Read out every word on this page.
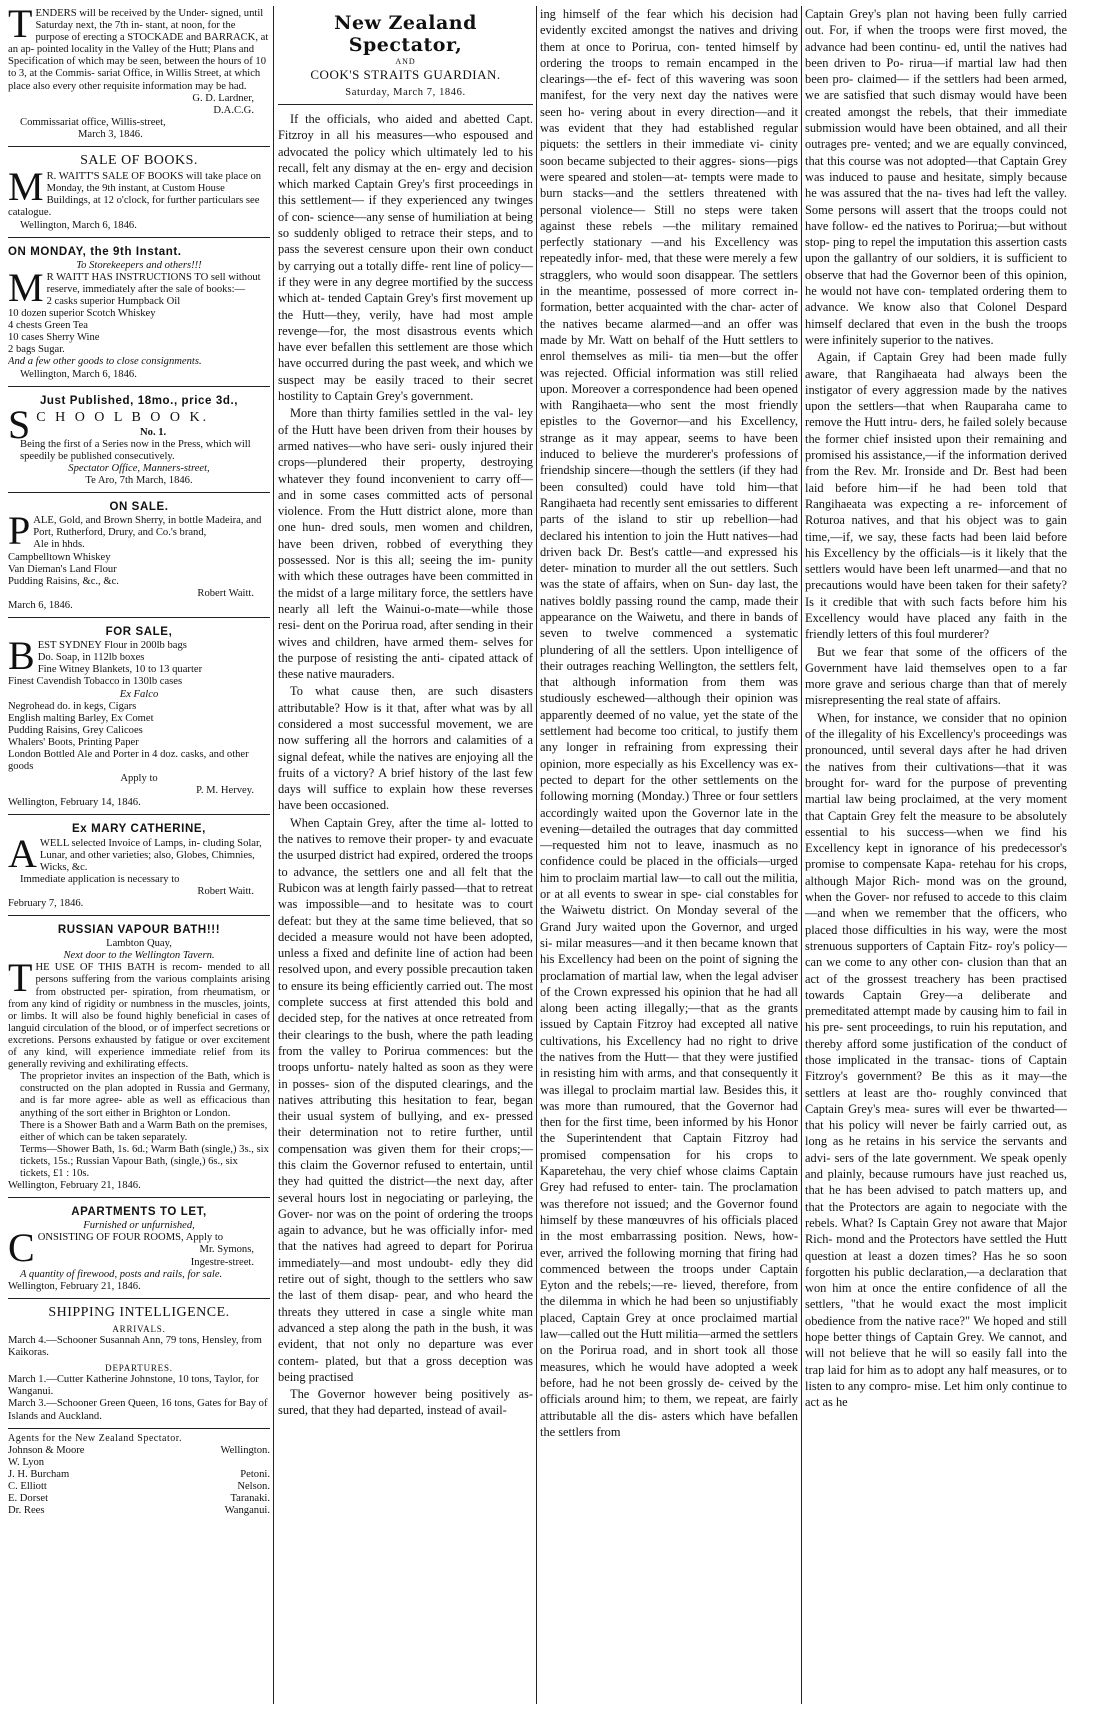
TENDERS will be received by the Under- signed, until Saturday next, the 7th in- stant, at noon, for the purpose of erecting a STOCKADE and BARRACK, at an ap- pointed locality in the Valley of the Hutt; Plans and Specification of which may be seen, between the hours of 10 to 3, at the Commis- sariat Office, in Willis Street, at which place also every other requisite information may be had.

G. D. Lardner,

D.A.C.G.

Commissariat office, Willis-street,

March 3, 1846.

SALE OF BOOKS.

M R. WAITT'S SALE OF BOOKS will take place on Monday, the 9th instant, at Custom House Buildings, at 12 o'clock, for further particulars see catalogue.

Wellington, March 6, 1846.

ON MONDAY, the 9th Instant.

To Storekeepers and others!!!

M R WAITT HAS INSTRUCTIONS TO sell without reserve, immediately after the sale of books:—

2 casks superior Humpback Oil

10 dozen superior Scotch Whiskey

4 chests Green Tea

10 cases Sherry Wine

2 bags Sugar.

And a few other goods to close consignments.

Wellington, March 6, 1846.

Just Published, 18mo., price 3d.,

S C H O O L B O O K.

No. 1.

Being the first of a Series now in the Press, which will speedily be published consecutively.

Spectator Office, Manners-street,

Te Aro, 7th March, 1846.

ON SALE.

PALE, Gold, and Brown Sherry, in bottle Madeira, and Port, Rutherford, Drury, and Co.'s brand,

Ale in hhds.

Campbelltown Whiskey

Van Dieman's Land Flour

Pudding Raisins, &c., &c.

Robert Waitt.

March 6, 1846.

FOR SALE,

BEST SYDNEY Flour in 200lb bags

Do. Soap, in 112lb boxes

Fine Witney Blankets, 10 to 13 quarter

Finest Cavendish Tobacco in 130lb cases

Ex Falco

Negrohead do. in kegs, Cigars

English malting Barley, Ex Comet

Pudding Raisins, Grey Calicoes

Whalers' Boots, Printing Paper

London Bottled Ale and Porter in 4 doz. casks, and other goods

Apply to

P. M. Hervey.

Wellington, February 14, 1846.

Ex MARY CATHERINE,

AWELL selected Invoice of Lamps, in- cluding Solar, Lunar, and other varieties; also, Globes, Chimnies, Wicks, &c.

Immediate application is necessary to

Robert Waitt.

February 7, 1846.

RUSSIAN VAPOUR BATH!!!

Lambton Quay,

Next door to the Wellington Tavern.

THE USE OF THIS BATH is recom- mended to all persons suffering from the various complaints arising from obstructed per- spiration, from rheumatism, or from any kind of rigidity or numbness in the muscles, joints, or limbs. It will also be found highly beneficial in cases of languid circulation of the blood, or of imperfect secretions or excretions. Persons exhausted by fatigue or over excitement of any kind, will experience immediate relief from its generally reviving and exhilirating effects.

The proprietor invites an inspection of the Bath, which is constructed on the plan adopted in Russia and Germany, and is far more agree- able as well as efficacious than anything of the sort either in Brighton or London.

There is a Shower Bath and a Warm Bath on the premises, either of which can be taken separately.

Terms—Shower Bath, 1s. 6d.; Warm Bath (single,) 3s., six tickets, 15s.; Russian Vapour Bath, (single,) 6s., six tickets, £1 : 10s.

Wellington, February 21, 1846.

APARTMENTS TO LET,

Furnished or unfurnished,

CONSISTING OF FOUR ROOMS, Apply to

Mr. Symons,

Ingestre-street.

A quantity of firewood, posts and rails, for sale.

Wellington, February 21, 1846.

SHIPPING INTELLIGENCE.

ARRIVALS.

March 4.—Schooner Susannah Ann, 79 tons, Hensley, from Kaikoras.

DEPARTURES.

March 1.—Cutter Katherine Johnstone, 10 tons, Taylor, for Wanganui.

March 3.—Schooner Green Queen, 16 tons, Gates for Bay of Islands and Auckland.

Agents for the New Zealand Spectator.

Johnson & Moore	Wellington.
W. Lyon
J. H. Burcham	Petoni.
C. Elliott	Nelson.
E. Dorset	Taranaki.
Dr. Rees	Wanganui.
New Zealand Spectator,
AND
COOK'S STRAITS GUARDIAN.
Saturday, March 7, 1846.

If the officials, who aided and abetted Capt. Fitzroy in all his measures—who espoused and advocated the policy which ultimately led to his recall, felt any dismay at the en- ergy and decision which marked Captain Grey's first proceedings in this settlement— if they experienced any twinges of con- science—any sense of humiliation at being so suddenly obliged to retrace their steps, and to pass the severest censure upon their own conduct by carrying out a totally diffe- rent line of policy—if they were in any degree mortified by the success which at- tended Captain Grey's first movement up the Hutt—they, verily, have had most ample revenge—for, the most disastrous events which have ever befallen this settlement are those which have occurred during the past week, and which we suspect may be easily traced to their secret hostility to Captain Grey's government.

More than thirty families settled in the val- ley of the Hutt have been driven from their houses by armed natives—who have seri- ously injured their crops—plundered their property, destroying whatever they found inconvenient to carry off—and in some cases committed acts of personal violence. From the Hutt district alone, more than one hun- dred souls, men women and children, have been driven, robbed of everything they possessed. Nor is this all; seeing the im- punity with which these outrages have been committed in the midst of a large military force, the settlers have nearly all left the Wainui-o-mate—while those resi- dent on the Porirua road, after sending in their wives and children, have armed them- selves for the purpose of resisting the anti- cipated attack of these native mauraders.

To what cause then, are such disasters attributable? How is it that, after what was by all considered a most successful movement, we are now suffering all the horrors and calamities of a signal defeat, while the natives are enjoying all the fruits of a victory? A brief history of the last few days will suffice to explain how these reverses have been occasioned.

When Captain Grey, after the time al- lotted to the natives to remove their proper- ty and evacuate the usurped district had expired, ordered the troops to advance, the settlers one and all felt that the Rubicon was at length fairly passed—that to retreat was impossible—and to hesitate was to court defeat: but they at the same time believed, that so decided a measure would not have been adopted, unless a fixed and definite line of action had been resolved upon, and every possible precaution taken to ensure its being efficiently carried out. The most complete success at first attended this bold and decided step, for the natives at once retreated from their clearings to the bush, where the path leading from the valley to Porirua commences: but the troops unfortu- nately halted as soon as they were in posses- sion of the disputed clearings, and the natives attributing this hesitation to fear, began their usual system of bullying, and ex- pressed their determination not to retire further, until compensation was given them for their crops;—this claim the Governor refused to entertain, until they had quitted the district—the next day, after several hours lost in negociating or parleying, the Gover- nor was on the point of ordering the troops again to advance, but he was officially infor- med that the natives had agreed to depart for Porirua immediately—and most undoubt- edly they did retire out of sight, though to the settlers who saw the last of them disap- pear, and who heard the threats they uttered in case a single white man advanced a step along the path in the bush, it was evident, that not only no departure was ever contem- plated, but that a gross deception was being practised

The Governor however being positively as- sured, that they had departed, instead of avail-

ing himself of the fear which his decision had evidently excited amongst the natives and driving them at once to Porirua, con- tented himself by ordering the troops to remain encamped in the clearings—the ef- fect of this wavering was soon manifest, for the very next day the natives were seen ho- vering about in every direction—and it was evident that they had established regular piquets: the settlers in their immediate vi- cinity soon became subjected to their aggres- sions—pigs were speared and stolen—at- tempts were made to burn stacks—and the settlers threatened with personal violence— Still no steps were taken against these rebels —the military remained perfectly stationary —and his Excellency was repeatedly infor- med, that these were merely a few stragglers, who would soon disappear. The settlers in the meantime, possessed of more correct in- formation, better acquainted with the char- acter of the natives became alarmed—and an offer was made by Mr. Watt on behalf of the Hutt settlers to enrol themselves as mili- tia men—but the offer was rejected. Official information was still relied upon. Moreover a correspondence had been opened with Rangihaeta—who sent the most friendly epistles to the Governor—and his Excellency, strange as it may appear, seems to have been induced to believe the murderer's professions of friendship sincere—though the settlers (if they had been consulted) could have told him—that Rangihaeta had recently sent emissaries to different parts of the island to stir up rebellion—had declared his intention to join the Hutt natives—had driven back Dr. Best's cattle—and expressed his deter- mination to murder all the out settlers. Such was the state of affairs, when on Sun- day last, the natives boldly passing round the camp, made their appearance on the Waiwetu, and there in bands of seven to twelve commenced a systematic plundering of all the settlers. Upon intelligence of their outrages reaching Wellington, the settlers felt, that although information from them was studiously eschewed—although their opinion was apparently deemed of no value, yet the state of the settlement had become too critical, to justify them any longer in refraining from expressing their opinion, more especially as his Excellency was ex- pected to depart for the other settlements on the following morning (Monday.) Three or four settlers accordingly waited upon the Governor late in the evening—detailed the outrages that day committed—requested him not to leave, inasmuch as no confidence could be placed in the officials—urged him to proclaim martial law—to call out the militia, or at all events to swear in spe- cial constables for the Waiwetu district. On Monday several of the Grand Jury waited upon the Governor, and urged si- milar measures—and it then became known that his Excellency had been on the point of signing the proclamation of martial law, when the legal adviser of the Crown expressed his opinion that he had all along been acting illegally;—that as the grants issued by Captain Fitzroy had excepted all native cultivations, his Excellency had no right to drive the natives from the Hutt— that they were justified in resisting him with arms, and that consequently it was illegal to proclaim martial law. Besides this, it was more than rumoured, that the Governor had then for the first time, been informed by his Honor the Superintendent that Captain Fitzroy had promised compensation for his crops to Kaparetehau, the very chief whose claims Captain Grey had refused to enter- tain. The proclamation was therefore not issued; and the Governor found himself by these manœuvres of his officials placed in the most embarrassing position. News, how- ever, arrived the following morning that firing had commenced between the troops under Captain Eyton and the rebels;—re- lieved, therefore, from the dilemma in which he had been so unjustifiably placed, Captain Grey at once proclaimed martial law—called out the Hutt militia—armed the settlers on the Porirua road, and in short took all those measures, which he would have adopted a week before, had he not been grossly de- ceived by the officials around him; to them, we repeat, are fairly attributable all the dis- asters which have befallen the settlers from

Captain Grey's plan not having been fully carried out. For, if when the troops were first moved, the advance had been continu- ed, until the natives had been driven to Po- rirua—if martial law had then been pro- claimed— if the settlers had been armed, we are satisfied that such dismay would have been created amongst the rebels, that their immediate submission would have been obtained, and all their outrages pre- vented; and we are equally convinced, that this course was not adopted—that Captain Grey was induced to pause and hesitate, simply because he was assured that the na- tives had left the valley. Some persons will assert that the troops could not have follow- ed the natives to Porirua;—but without stop- ping to repel the imputation this assertion casts upon the gallantry of our soldiers, it is sufficient to observe that had the Governor been of this opinion, he would not have con- templated ordering them to advance. We know also that Colonel Despard himself declared that even in the bush the troops were infinitely superior to the natives.

Again, if Captain Grey had been made fully aware, that Rangihaeata had always been the instigator of every aggression made by the natives upon the settlers—that when Rauparaha came to remove the Hutt intru- ders, he failed solely because the former chief insisted upon their remaining and promised his assistance,—if the information derived from the Rev. Mr. Ironside and Dr. Best had been laid before him—if he had been told that Rangihaeata was expecting a re- inforcement of Roturoa natives, and that his object was to gain time,—if, we say, these facts had been laid before his Excellency by the officials—is it likely that the settlers would have been left unarmed—and that no precautions would have been taken for their safety? Is it credible that with such facts before him his Excellency would have placed any faith in the friendly letters of this foul murderer?

But we fear that some of the officers of the Government have laid themselves open to a far more grave and serious charge than that of merely misrepresenting the real state of affairs.

When, for instance, we consider that no opinion of the illegality of his Excellency's proceedings was pronounced, until several days after he had driven the natives from their cultivations—that it was brought for- ward for the purpose of preventing martial law being proclaimed, at the very moment that Captain Grey felt the measure to be absolutely essential to his success—when we find his Excellency kept in ignorance of his predecessor's promise to compensate Kapa- retehau for his crops, although Major Rich- mond was on the ground, when the Gover- nor refused to accede to this claim—and when we remember that the officers, who placed those difficulties in his way, were the most strenuous supporters of Captain Fitz- roy's policy—can we come to any other con- clusion than that an act of the grossest treachery has been practised towards Captain Grey—a deliberate and premeditated attempt made by causing him to fail in his pre- sent proceedings, to ruin his reputation, and thereby afford some justification of the conduct of those implicated in the transac- tions of Captain Fitzroy's government? Be this as it may—the settlers at least are tho- roughly convinced that Captain Grey's mea- sures will ever be thwarted—that his policy will never be fairly carried out, as long as he retains in his service the servants and advi- sers of the late government. We speak openly and plainly, because rumours have just reached us, that he has been advised to patch matters up, and that the Protectors are again to negociate with the rebels. What? Is Captain Grey not aware that Major Rich- mond and the Protectors have settled the Hutt question at least a dozen times? Has he so soon forgotten his public declaration,—a declaration that won him at once the entire confidence of all the settlers, "that he would exact the most implicit obedience from the native race?" We hoped and still hope better things of Captain Grey. We cannot, and will not believe that he will so easily fall into the trap laid for him as to adopt any half measures, or to listen to any compro- mise. Let him only continue to act as he
